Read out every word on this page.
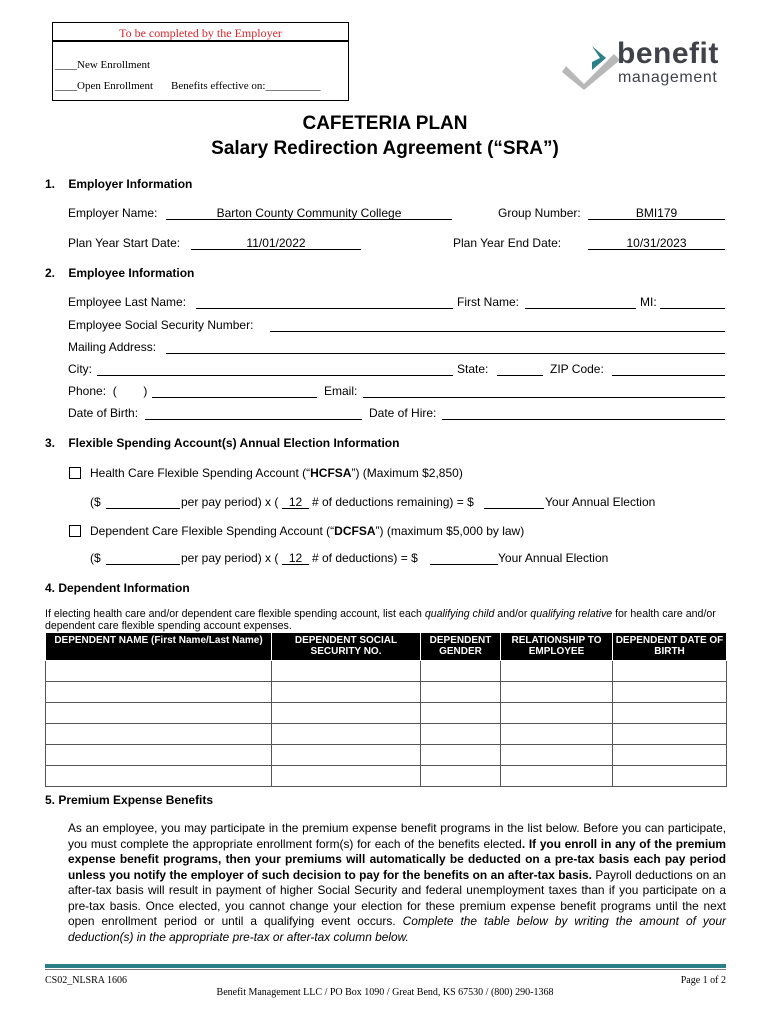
To be completed by the Employer
____New Enrollment
____Open Enrollment Benefits effective on:__________
benefit
management
CAFETERIA PLAN
Salary Redirection Agreement (“SRA”)
1.    Employer Information
Employer Name:	Barton County Community College	Group Number:	BMI179
Plan Year Start Date:	11/01/2022	Plan Year End Date:	10/31/2023
2.    Employee Information
Employee Last Name:	First Name:	MI:
Employee Social Security Number:
Mailing Address:
City:	State:	ZIP Code:
Phone:  (        )	Email:
Date of Birth:	Date of Hire:
3.    Flexible Spending Account(s) Annual Election Information
Health Care Flexible Spending Account (“HCFSA”) (Maximum $2,850)
($	per pay period) x ( 12 # of deductions remaining) = $	Your Annual Election
Dependent Care Flexible Spending Account (“DCFSA”) (maximum $5,000 by law)
($	per pay period) x ( 12 # of deductions) = $	Your Annual Election
4. Dependent Information
If electing health care and/or dependent care flexible spending account, list each qualifying child and/or qualifying relative for health care and/or dependent care flexible spending account expenses.
DEPENDENT NAME (First Name/Last Name)	DEPENDENT SOCIAL SECURITY NO.	DEPENDENT GENDER	RELATIONSHIP TO EMPLOYEE	DEPENDENT DATE OF BIRTH

5. Premium Expense Benefits
As an employee, you may participate in the premium expense benefit programs in the list below. Before you can participate, you must complete the appropriate enrollment form(s) for each of the benefits elected. If you enroll in any of the premium expense benefit programs, then your premiums will automatically be deducted on a pre-tax basis each pay period unless you notify the employer of such decision to pay for the benefits on an after-tax basis. Payroll deductions on an after-tax basis will result in payment of higher Social Security and federal unemployment taxes than if you participate on a pre-tax basis. Once elected, you cannot change your election for these premium expense benefit programs until the next open enrollment period or until a qualifying event occurs. Complete the table below by writing the amount of your deduction(s) in the appropriate pre-tax or after-tax column below.
CS02_NLSRA 1606	Page 1 of 2
Benefit Management LLC / PO Box 1090 / Great Bend, KS 67530 / (800) 290-1368
